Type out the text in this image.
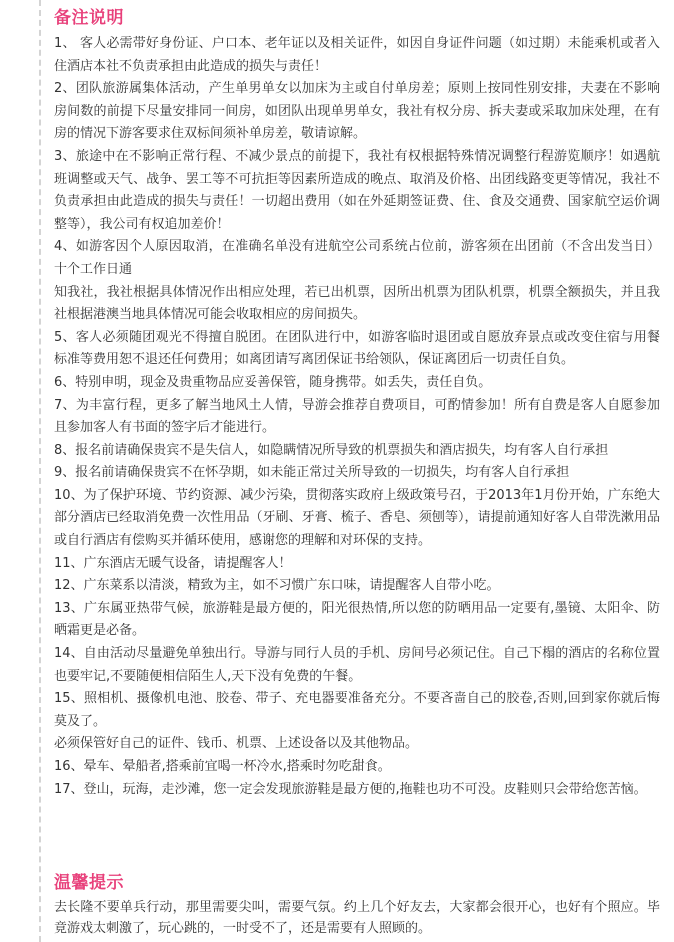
备注说明

1、 客人必需带好身份证、户口本、老年证以及相关证件，如因自身证件问题（如过期）未能乘机或者入住酒店本社不负责承担由此造成的损失与责任！

2、团队旅游属集体活动，产生单男单女以加床为主或自付单房差；原则上按同性别安排，夫妻在不影响房间数的前提下尽量安排同一间房，如团队出现单男单女，我社有权分房、拆夫妻或采取加床处理，在有房的情况下游客要求住双标间须补单房差，敬请谅解。

3、旅途中在不影响正常行程、不减少景点的前提下，我社有权根据特殊情况调整行程游览顺序！如遇航班调整或天气、战争、罢工等不可抗拒等因素所造成的晚点、取消及价格、出团线路变更等情况，我社不负责承担由此造成的损失与责任！一切超出费用（如在外延期签证费、住、食及交通费、国家航空运价调整等），我公司有权追加差价！

4、如游客因个人原因取消，在准确名单没有进航空公司系统占位前，游客须在出团前（不含出发当日）十个工作日通

知我社，我社根据具体情况作出相应处理，若已出机票，因所出机票为团队机票，机票全额损失，并且我社根据港澳当地具体情况可能会收取相应的房间损失。

5、客人必须随团观光不得擅自脱团。在团队进行中，如游客临时退团或自愿放弃景点或改变住宿与用餐标准等费用恕不退还任何费用；如离团请写离团保证书给领队，保证离团后一切责任自负。

6、特别申明，现金及贵重物品应妥善保管，随身携带。如丢失，责任自负。

7、为丰富行程，更多了解当地风土人情，导游会推荐自费项目，可酌情参加！所有自费是客人自愿参加且参加客人有书面的签字后才能进行。

8、报名前请确保贵宾不是失信人，如隐瞒情况所导致的机票损失和酒店损失，均有客人自行承担

9、报名前请确保贵宾不在怀孕期，如未能正常过关所导致的一切损失，均有客人自行承担

10、为了保护环境、节约资源、减少污染，贯彻落实政府上级政策号召，于2013年1月份开始，广东绝大部分酒店已经取消免费一次性用品（牙刷、牙膏、梳子、香皂、须刨等），请提前通知好客人自带洗漱用品或自行酒店有偿购买并循环使用，感谢您的理解和对环保的支持。

11、广东酒店无暖气设备，请提醒客人！

12、广东菜系以清淡，精致为主，如不习惯广东口味，请提醒客人自带小吃。

13、广东属亚热带气候，旅游鞋是最方便的，阳光很热情,所以您的防晒用品一定要有,墨镜、太阳伞、防晒霜更是必备。

14、自由活动尽量避免单独出行。导游与同行人员的手机、房间号必须记住。自己下榻的酒店的名称位置也要牢记,不要随便相信陌生人,天下没有免费的午餐。

15、照相机、摄像机电池、胶卷、带子、充电器要准备充分。不要吝啬自己的胶卷,否则,回到家你就后悔莫及了。

必须保管好自己的证件、钱币、机票、上述设备以及其他物品。

16、晕车、晕船者,搭乘前宜喝一杯冷水,搭乘时勿吃甜食。

17、登山，玩海，走沙滩，您一定会发现旅游鞋是最方便的,拖鞋也功不可没。皮鞋则只会带给您苦恼。

温馨提示

去长隆不要单兵行动，那里需要尖叫，需要气氛。约上几个好友去，大家都会很开心，也好有个照应。毕竟游戏太刺激了，玩心跳的，一时受不了，还是需要有人照顾的。
